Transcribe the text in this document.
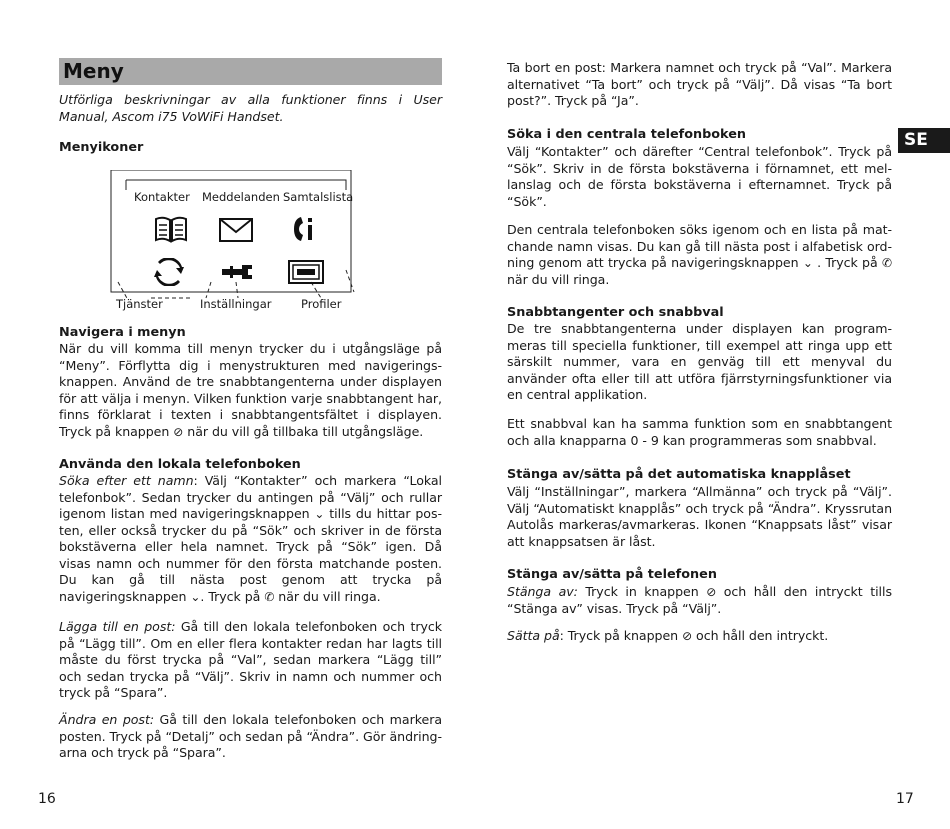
Meny

Utförliga beskrivningar av alla funktioner finns i User Manual, Ascom i75 VoWiFi Handset.

Menyikoner

Kontakter Meddelanden Samtalslista
Tjänster	Inställningar	Profiler

Navigera i menyn

När du vill komma till menyn trycker du i utgångsläge på “Meny”. Förflytta dig i menystrukturen med navigerings-knappen. Använd de tre snabbtangenterna under displayen för att välja i menyn. Vilken funktion varje snabbtangent har, finns förklarat i texten i snabbtangentsfältet i displayen. Tryck på knappen ⊘ när du vill gå tillbaka till utgångsläge.

Använda den lokala telefonboken

Söka efter ett namn: Välj “Kontakter” och markera “Lokal telefonbok”. Sedan trycker du antingen på “Välj” och rullar igenom listan med navigeringsknappen ⌄ tills du hittar pos-ten, eller också trycker du på “Sök” och skriver in de första bokstäverna eller hela namnet. Tryck på “Sök” igen. Då visas namn och nummer för den första matchande posten. Du kan gå till nästa post genom att trycka på navigeringsknappen ⌄. Tryck på ✆ när du vill ringa.

Lägga till en post: Gå till den lokala telefonboken och tryck på “Lägg till”. Om en eller flera kontakter redan har lagts till måste du först trycka på “Val”, sedan markera “Lägg till” och sedan trycka på “Välj”. Skriv in namn och nummer och tryck på “Spara”.

Ändra en post: Gå till den lokala telefonboken och markera posten. Tryck på “Detalj” och sedan på “Ändra”. Gör ändring-arna och tryck på “Spara”.

16

Ta bort en post: Markera namnet och tryck på “Val”. Markera alternativet “Ta bort” och tryck på “Välj”. Då visas “Ta bort post?”. Tryck på “Ja”.

Söka i den centrala telefonboken

Välj “Kontakter” och därefter “Central telefonbok”. Tryck på “Sök”. Skriv in de första bokstäverna i förnamnet, ett mel-lanslag och de första bokstäverna i efternamnet. Tryck på “Sök”.

Den centrala telefonboken söks igenom och en lista på mat-chande namn visas. Du kan gå till nästa post i alfabetisk ord-ning genom att trycka på navigeringsknappen ⌄ . Tryck på ✆ när du vill ringa.

Snabbtangenter och snabbval

De tre snabbtangenterna under displayen kan program-meras till speciella funktioner, till exempel att ringa upp ett särskilt nummer, vara en genväg till ett menyval du använder ofta eller till att utföra fjärrstyrningsfunktioner via en central applikation.

Ett snabbval kan ha samma funktion som en snabbtangent och alla knapparna 0 - 9 kan programmeras som snabbval.

Stänga av/sätta på det automatiska knapplåset

Välj “Inställningar”, markera “Allmänna” och tryck på “Välj”. Välj “Automatiskt knapplås” och tryck på “Ändra”. Kryssrutan Autolås markeras/avmarkeras. Ikonen “Knappsats låst” visar att knappsatsen är låst.

Stänga av/sätta på telefonen

Stänga av: Tryck in knappen ⊘ och håll den intryckt tills “Stänga av” visas. Tryck på “Välj”.

Sätta på: Tryck på knappen ⊘ och håll den intryckt.

SE
17
